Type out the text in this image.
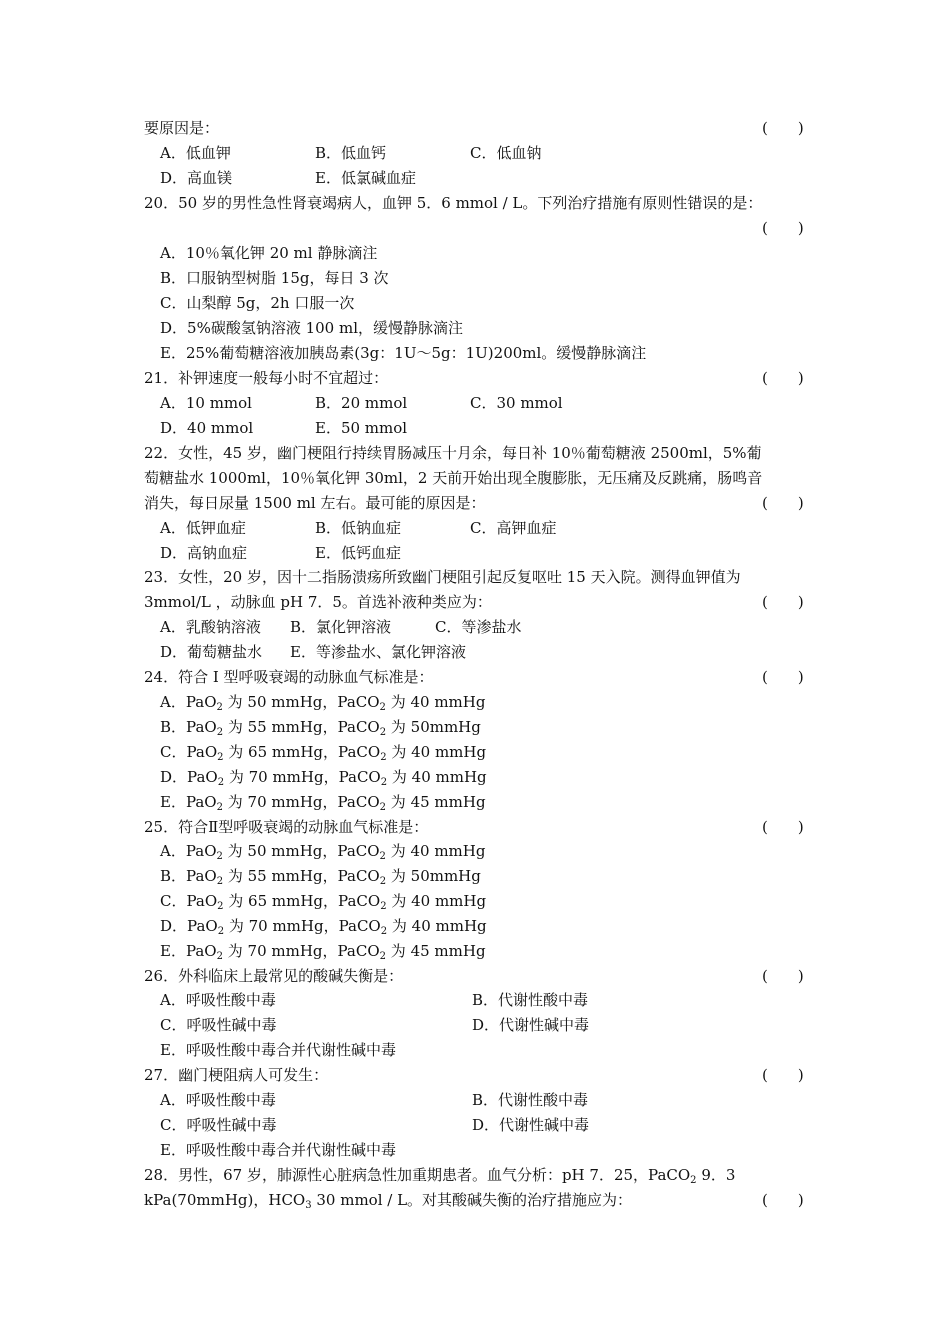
要原因是：	(　　)
A．低血钾	B．低血钙	C．低血钠
D．高血镁	E．低氯碱血症
20．50 岁的男性急性肾衰竭病人，血钾 5．6 mmol / L。下列治疗措施有原则性错误的是：
(　　)
A．10％氧化钾 20 ml 静脉滴注
B．口服钠型树脂 15g，每日 3 次
C．山梨醇 5g，2h 口服一次
D．5%碳酸氢钠溶液 100 ml，缓慢静脉滴注
E．25%葡萄糖溶液加胰岛素(3g：1U～5g：1U)200ml。缓慢静脉滴注
21．补钾速度一般每小时不宜超过：	(　　)
A．10 mmol	B．20 mmol	C．30 mmol
D．40 mmol	E．50 mmol
22．女性，45 岁，幽门梗阻行持续胃肠减压十月余，每日补 10％葡萄糖液 2500ml，5%葡
萄糖盐水 1000ml，10％氧化钾 30ml，2 天前开始出现全腹膨胀，无压痛及反跳痛，肠鸣音
消失，每日尿量 1500 ml 左右。最可能的原因是：	(　　)
A．低钾血症	B．低钠血症	C．高钾血症
D．高钠血症	E．低钙血症
23．女性，20 岁，因十二指肠溃疡所致幽门梗阻引起反复呕吐 15 天入院。测得血钾值为
3mmol/L ，动脉血 pH 7．5。首选补液种类应为：	(　　)
A．乳酸钠溶液 B．氯化钾溶液	C．等渗盐水
D．葡萄糖盐水 E．等渗盐水、氯化钾溶液
24．符合 I 型呼吸衰竭的动脉血气标准是：	(　　)
A．PaO$_2$ 为 50 mmHg，PaCO$_2$ 为 40 mmHg
B．PaO$_2$ 为 55 mmHg，PaCO$_2$ 为 50mmHg
C．PaO$_2$ 为 65 mmHg，PaCO$_2$ 为 40 mmHg
D．PaO$_2$ 为 70 mmHg，PaCO$_2$ 为 40 mmHg
E．PaO$_2$ 为 70 mmHg，PaCO$_2$ 为 45 mmHg
25．符合Ⅱ型呼吸衰竭的动脉血气标准是：	(　　)
A．PaO$_2$ 为 50 mmHg，PaCO$_2$ 为 40 mmHg
B．PaO$_2$ 为 55 mmHg，PaCO$_2$ 为 50mmHg
C．PaO$_2$ 为 65 mmHg，PaCO$_2$ 为 40 mmHg
D．PaO$_2$ 为 70 mmHg，PaCO$_2$ 为 40 mmHg
E．PaO$_2$ 为 70 mmHg，PaCO$_2$ 为 45 mmHg
26．外科临床上最常见的酸碱失衡是：	(　　)
A．呼吸性酸中毒	B．代谢性酸中毒
C．呼吸性碱中毒	D．代谢性碱中毒
E．呼吸性酸中毒合并代谢性碱中毒
27．幽门梗阻病人可发生：	(　　)
A．呼吸性酸中毒	B．代谢性酸中毒
C．呼吸性碱中毒	D．代谢性碱中毒
E．呼吸性酸中毒合并代谢性碱中毒
28．男性，67 岁，肺源性心脏病急性加重期患者。血气分析：pH 7．25，PaCO$_2$ 9．3
kPa(70mmHg)，$HCO_3$ 30 mmol / L。对其酸碱失衡的治疗措施应为：	(　　)
